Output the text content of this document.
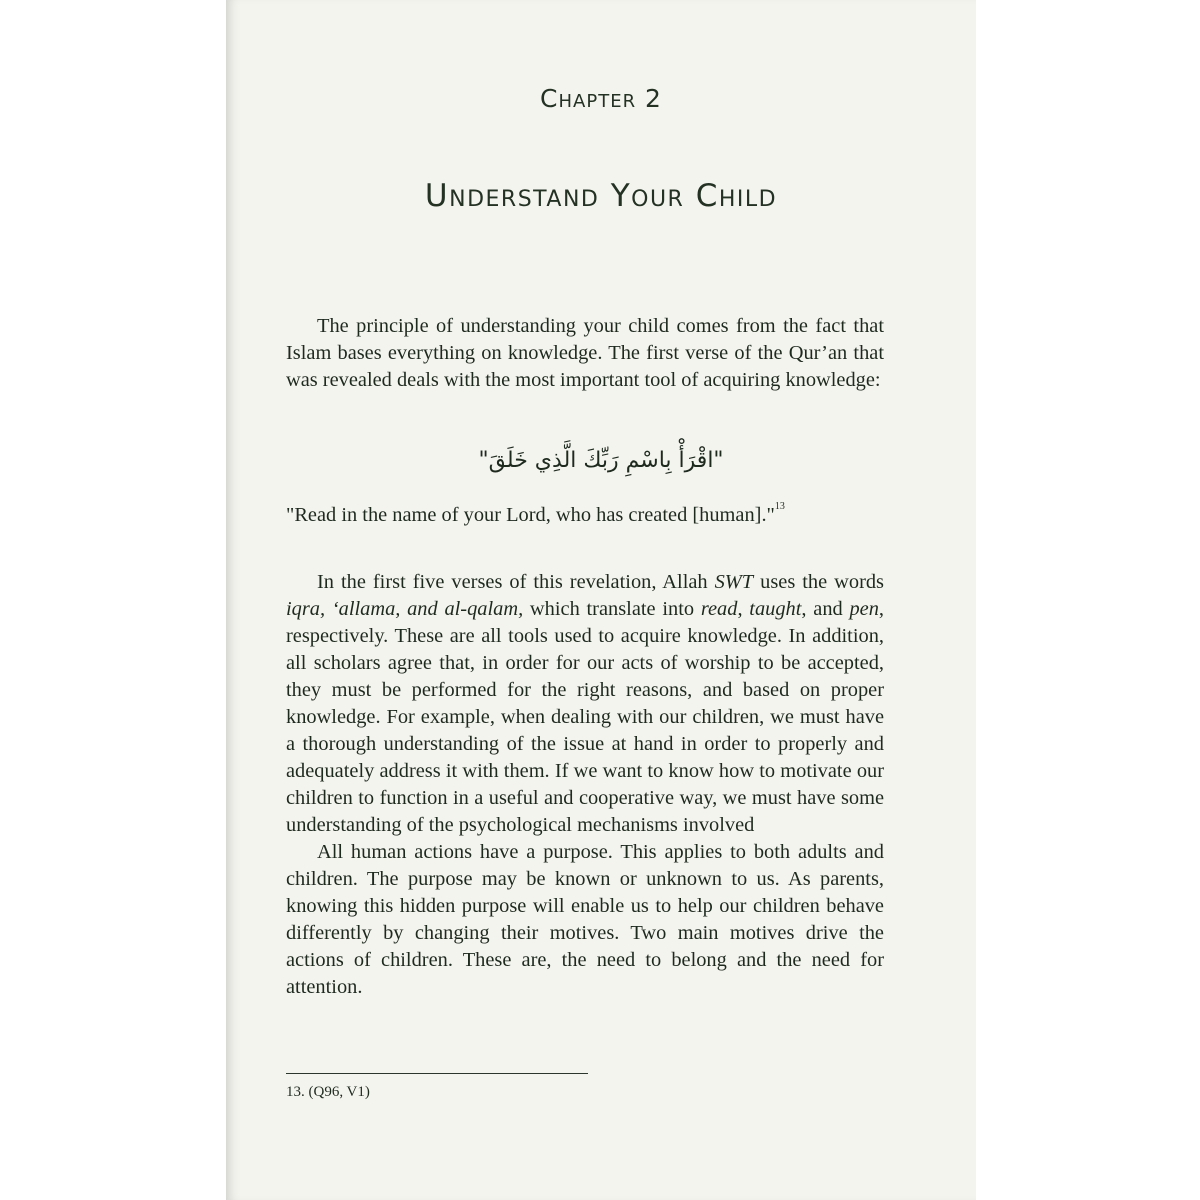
Chapter 2
Understand Your Child

The principle of understanding your child comes from the fact that Islam bases everything on knowledge. The first verse of the Qur’an that was revealed deals with the most important tool of acquiring knowledge:

"اقْرَأْ بِاسْمِ رَبِّكَ الَّذِي خَلَقَ"

"Read in the name of your Lord, who has created [human]."$^{13}$

In the first five verses of this revelation, Allah SWT uses the words iqra, ‘allama, and al-qalam, which translate into read, taught, and pen, respectively. These are all tools used to acquire knowledge. In addition, all scholars agree that, in order for our acts of worship to be accepted, they must be performed for the right reasons, and based on proper knowledge. For example, when dealing with our children, we must have a thorough understanding of the issue at hand in order to properly and adequately address it with them. If we want to know how to motivate our children to function in a useful and cooperative way, we must have some understanding of the psychological mechanisms involved

All human actions have a purpose. This applies to both adults and children. The purpose may be known or unknown to us. As parents, knowing this hidden purpose will enable us to help our children behave differently by changing their motives. Two main motives drive the actions of children. These are, the need to belong and the need for attention.

13. (Q96, V1)
